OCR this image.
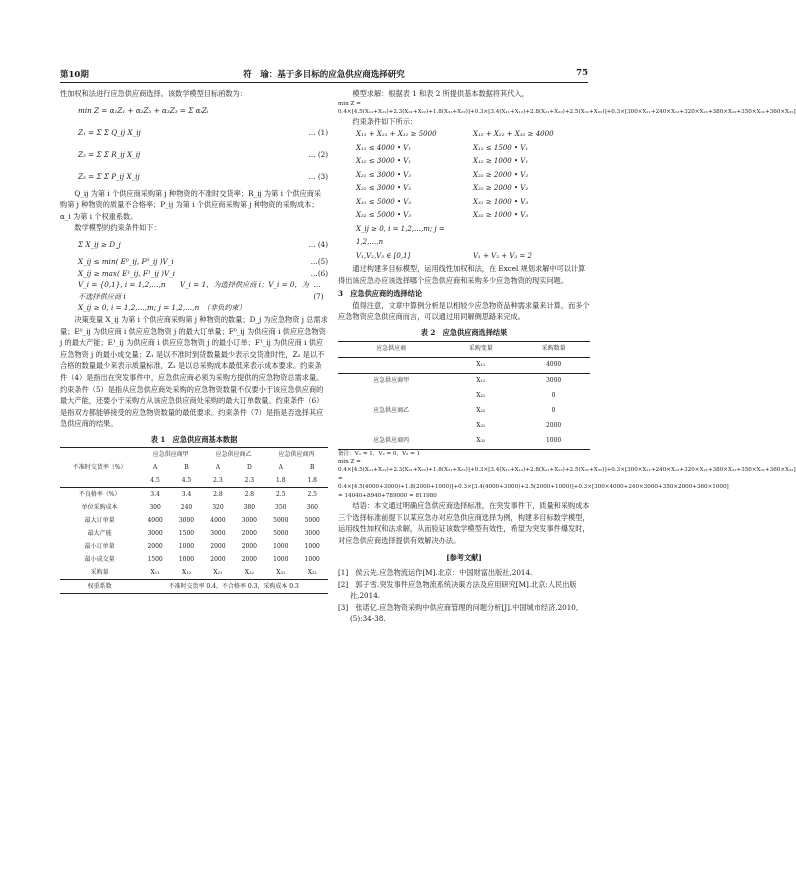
第10期	符　瑜：基于多目标的应急供应商选择研究	75

性加权和法进行应急供应商选择。该数学模型目标函数为：

min Z = α₁Z₁ + α₂Z₂ + α₃Z₃ = Σ αᵢZᵢ
Z₁ = Σ Σ Q_ij X_ij	… (1)
Z₂ = Σ Σ R_ij X_ij	… (2)
Z₃ = Σ Σ P_ij X_ij	… (3)

Q_ij 为第 i 个供应商采购第 j 种物资的不准时交货率；R_ij 为第 i 个供应商采购第 j 种物资的质量不合格率；P_ij 为第 i 个供应商采购第 j 种物资的采购成本；α_i 为第 i 个权重系数。

数学模型的约束条件如下：

Σ X_ij ≥ D_j	… (4)
X_ij ≤ min( E⁰_ij, F⁰_ij )V_i	…(5)
X_ij ≥ max( E¹_ij, F¹_ij )V_i	…(6)
V_i = {0,1}, i = 1,2,…,n　　V_i = 1，为选择供应商 i；V_i = 0，为不选择供应商 i
…(7)
X_ij ≥ 0, i = 1,2,…,m; j = 1,2,…,n　（非负约束）

决策变量 X_ij 为第 i 个供应商采购第 j 种物资的数量；D_j 为应急物资 j 总需求量；E⁰_ij 为供应商 i 供应应急物资 j 的最大订单量；F⁰_ij 为供应商 i 供应应急物资 j 的最大产能；E¹_ij 为供应商 i 供应应急物资 j 的最小订单；F¹_ij 为供应商 i 供应应急物资 j 的最小成交量；Z₁ 是以不准时到货数量最少表示交货准时性，Z₂ 是以不合格的数量最少来表示质量标准，Z₃ 是以总采购成本最低来表示成本要求。约束条件（4）是指出在突发事件中，应急供应商必须为采购方提供的应急物资总需求量。约束条件（5）是指从应急供应商处采购的应急物资数量不仅要小于该应急供应商的最大产能，还要小于采购方从该应急供应商处采购的最大订单数量。约束条件（6）是指双方都能够接受的应急物资数量的最低要求。约束条件（7）是指是否选择其应急供应商的结果。

表 1　应急供应商基本数据
不准时交货率（%）	应急供应商甲		应急供应商乙		应急供应商丙	
	A	B	A	D	A	B
	4.5	4.5	2.3	2.3	1.8	1.8
不良格率（%）	3.4	3.4	2.8	2.8	2.5	2.5
单位采购成本	300	240	320	380	350	360
最大订单量	4000	3000	4000	3000	5000	5000
最大产能	3000	1500	3000	2000	5000	3000
最小订单量	2000	1000	2000	2000	1000	1000
最小成交量	1500	1000	2000	2000	1000	1000
采购量	X₁₁	X₁₂	X₂₁	X₂₂	X₃₁	X₃₂
权重系数	不准时交货率 0.4，不合格率 0.3，采购成本 0.3					

模型求解：根据表 1 和表 2 所提供基本数据将其代入，

min Z = 0.4×[4.5(X₁₁+X₁₂)+2.3(X₂₁+X₂₂)+1.8(X₃₁+X₃₂)]+0.3×[3.4(X₁₁+X₁₂)+2.8(X₂₁+X₂₂)+2.5(X₃₁+X₃₂)]+0.3×[300×X₁₁+240×X₁₂+320×X₂₁+380×X₂₂+350×X₃₁+360×X₃₂]

约束条件如下所示：

X₁₁ + X₂₁ + X₃₁ ≥ 5000	X₁₂ + X₂₂ + X₃₂ ≥ 4000
X₁₁ ≤ 4000 • V₁	X₁₂ ≤ 1500 • V₁
X₁₂ ≤ 3000 • V₁	X₁₂ ≥ 1000 • V₁
X₂₁ ≤ 3000 • V₂	X₂₂ ≥ 2000 • V₂
X₂₂ ≤ 3000 • V₂	X₂₂ ≥ 2000 • V₂
X₃₁ ≤ 5000 • V₃	X₃₁ ≥ 1000 • V₃
X₃₂ ≤ 5000 • V₃	X₃₂ ≥ 1000 • V₃
X_ij ≥ 0, i = 1,2,…,m; j = 1,2,…,n
V₁,V₂,V₃ ∈ [0,1]	V₁ + V₂ + V₃ = 2

通过构建多目标模型，运用线性加权和法，在 Excel 规划求解中可以计算得出该应急办应该选择哪个应急供应商和采购多少应急物资的现实问题。

3　应急供应商的选择结论

值得注意，文章中算例分析是以相较少应急物资品种需求量来计算，而多个应急物资应急供应商而言，可以通过用同解侧思路来完成。

表 2　应急供应商选择结果
应急供应商	采购变量	采购数量
	X₁₁	4000
应急供应商甲	X₁₂	3000
	X₂₁	0
应急供应商乙	X₂₂	0
	X₃₁	2000
应急供应商丙	X₃₂	1000

备注：V₁ = 1，V₂ = 0，V₃ = 1

min Z = 0.4×[4.5(X₁₁+X₁₂)+2.3(X₂₁+X₂₂)+1.8(X₃₁+X₃₂)]+0.3×[3.4(X₁₁+X₁₂)+2.8(X₂₁+X₂₂)+2.5(X₃₁+X₃₂)]+0.3×[300×X₁₁+240×X₁₂+320×X₂₁+380×X₂₂+350×X₃₁+360×X₃₂] = 0.4×[4.5(4000+3000)+1.8(2000+1000)]+0.3×[3.4(4000+3000)+2.5(2000+1000)]+0.3×[300×4000+240×3000+350×2000+360×1000] = 14040+8940+789000 = 811980

结语：本文通过明确应急供应商选择标准，在突发事件下，质量和采购成本三个选择标准前提下以某应急办对应急供应商选择为例，构建多目标数学模型，运用线性加权和法求解，从而验证该数学模型有效性，希望为突发事件爆发时，对应急供应商选择提供有效解决办法。

[参考文献]

[1]　侯云先.应急物流运作[M].北京：中国财富出版社,2014.

[2]　郭子雪.突发事件应急物流系统决策方法及应用研究[M].北京:人民出版社,2014.

[3]　张诺亿.应急物资采购中供应商管理的问题分析[J].中国城市经济,2010,(5):34-38.
